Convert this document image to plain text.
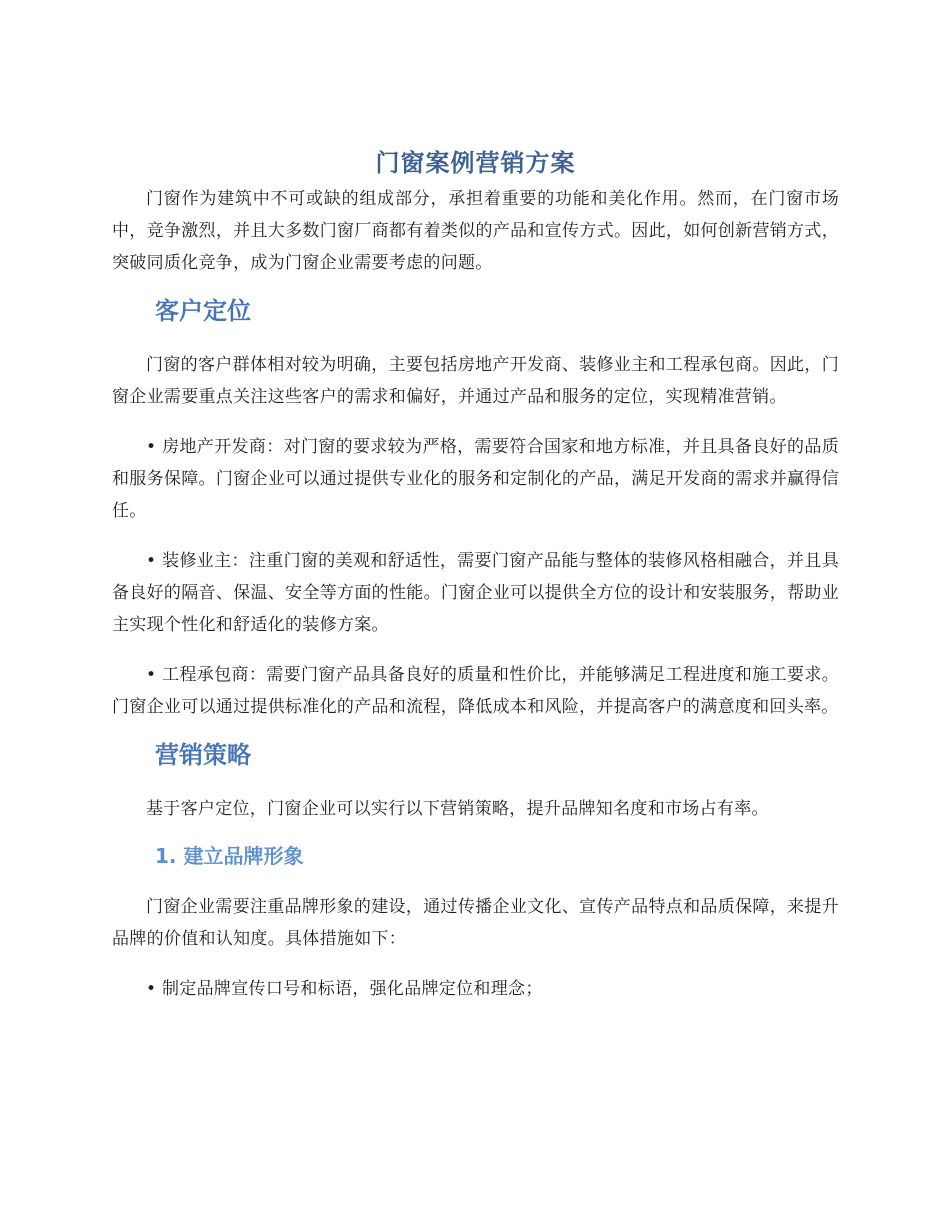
门窗案例营销方案

门窗作为建筑中不可或缺的组成部分，承担着重要的功能和美化作用。然而，在门窗市场中，竞争激烈，并且大多数门窗厂商都有着类似的产品和宣传方式。因此，如何创新营销方式，突破同质化竞争，成为门窗企业需要考虑的问题。

客户定位

门窗的客户群体相对较为明确，主要包括房地产开发商、装修业主和工程承包商。因此，门窗企业需要重点关注这些客户的需求和偏好，并通过产品和服务的定位，实现精准营销。

• 房地产开发商：对门窗的要求较为严格，需要符合国家和地方标准，并且具备良好的品质和服务保障。门窗企业可以通过提供专业化的服务和定制化的产品，满足开发商的需求并赢得信任。

• 装修业主：注重门窗的美观和舒适性，需要门窗产品能与整体的装修风格相融合，并且具备良好的隔音、保温、安全等方面的性能。门窗企业可以提供全方位的设计和安装服务，帮助业主实现个性化和舒适化的装修方案。

• 工程承包商：需要门窗产品具备良好的质量和性价比，并能够满足工程进度和施工要求。门窗企业可以通过提供标准化的产品和流程，降低成本和风险，并提高客户的满意度和回头率。

营销策略

基于客户定位，门窗企业可以实行以下营销策略，提升品牌知名度和市场占有率。

1. 建立品牌形象

门窗企业需要注重品牌形象的建设，通过传播企业文化、宣传产品特点和品质保障，来提升品牌的价值和认知度。具体措施如下：

• 制定品牌宣传口号和标语，强化品牌定位和理念；
